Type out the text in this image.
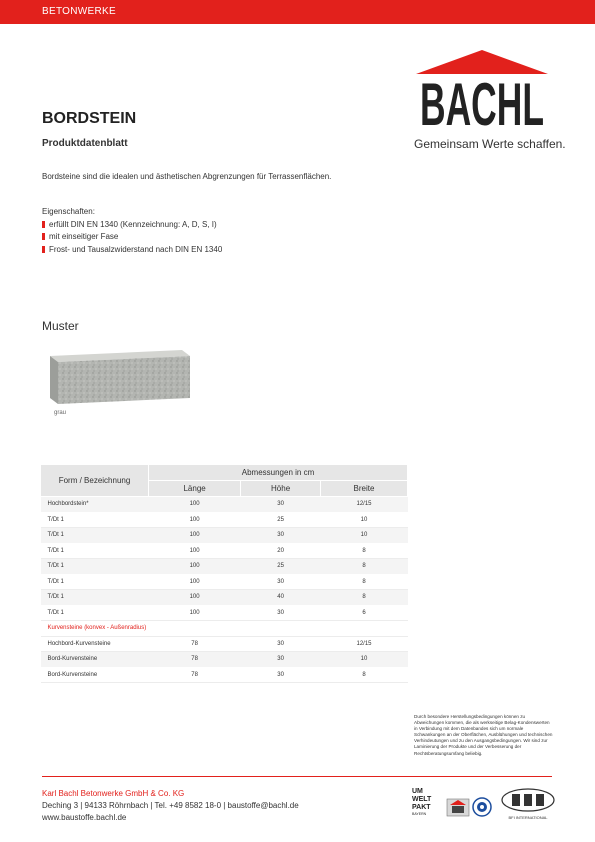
BETONWERKE
BACHL
Gemeinsam Werte schaffen.
BORDSTEIN
Produktdatenblatt
Bordsteine sind die idealen und ästhetischen Abgrenzungen für Terrassenflächen.
Eigenschaften:
erfüllt DIN EN 1340 (Kennzeichnung: A, D, S, I)
mit einseitiger Fase
Frost- und Tausalzwiderstand nach DIN EN 1340
Muster
grau
Form / Bezeichnung	Abmessungen in cm		
	Länge	Höhe	Breite
Hochbordstein*	100	30	12/15
T/Dt 1	100	25	10
T/Dt 1	100	30	10
T/Dt 1	100	20	8
T/Dt 1	100	25	8
T/Dt 1	100	30	8
T/Dt 1	100	40	8
T/Dt 1	100	30	6
Kurvensteine (konvex - Außenradius)			
Hochbord-Kurvensteine	78	30	12/15
Bord-Kurvensteine	78	30	10
Bord-Kurvensteine	78	30	8
Durch besondere Herstellungsbedingungen können zu Abweichungen kommen, die als werkseitige Belag-Kondenswerten in Verbindung mit dem Datenbandes sich um normale Schwankungen an der Oberflächen, Ausblühungen und technischen Verhindeutungen und zu den Ausgangsbedingungen. Wir sind zur Laminierung der Produkte und der Verbesserung der Rechtsberatungsumfang beliebig.
Karl Bachl Betonwerke GmbH & Co. KG
Deching 3 | 94133 Röhrnbach | Tel. +49 8582 18-0 | baustoffe@bachl.de
www.baustoffe.bachl.de
UM
WELT
PAKT
BAYERN
BFI INTERNATIONAL
